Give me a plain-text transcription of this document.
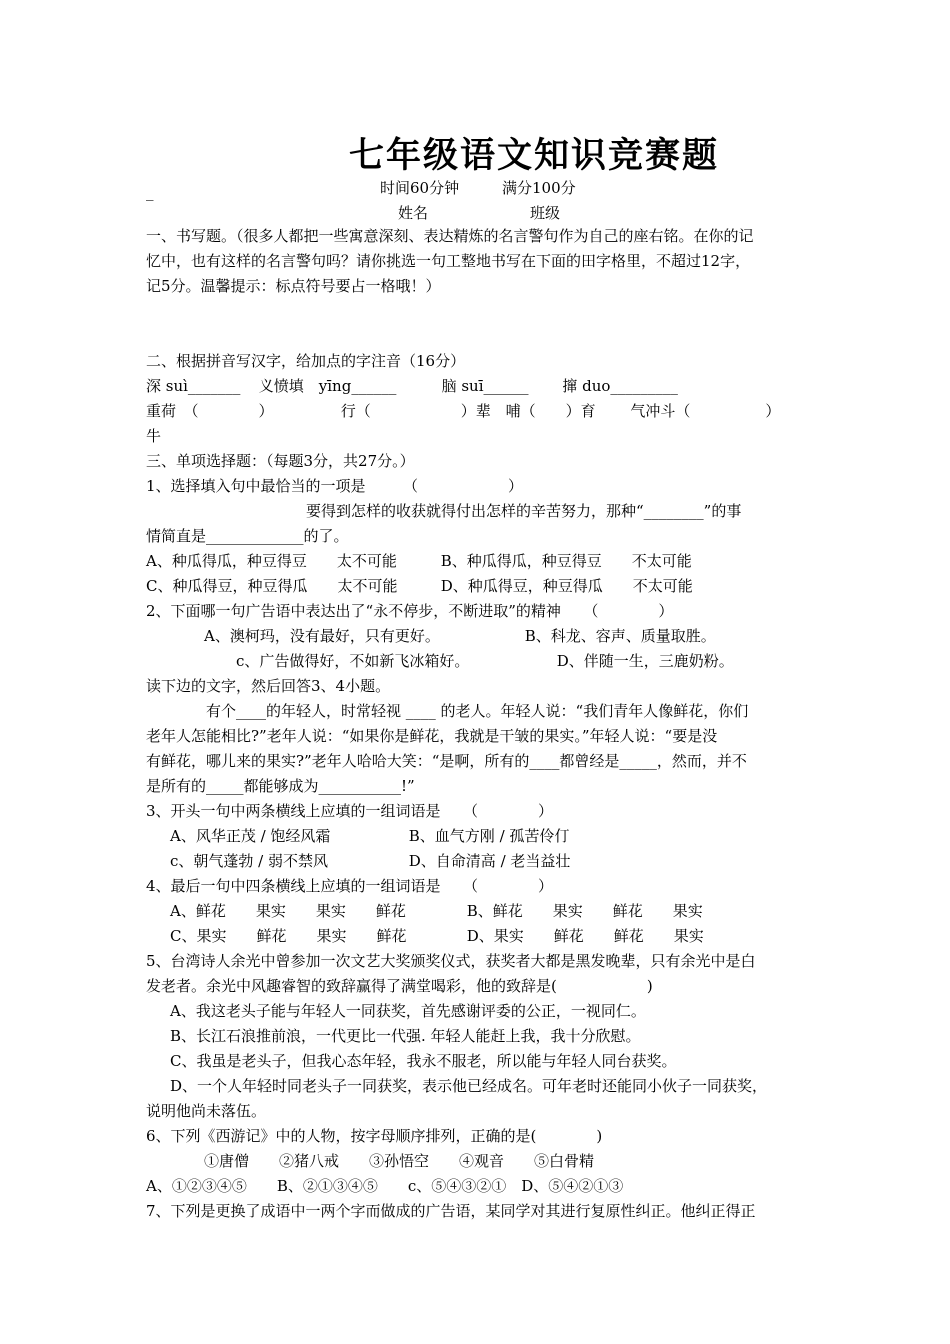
七年级语文知识竞赛题
_	时间60分钟	满分100分
姓名	班级

一、书写题。（很多人都把一些寓意深刻、表达精炼的名言警句作为自己的座右铭。在你的记

忆中，也有这样的名言警句吗？请你挑选一句工整地书写在下面的田字格里，不超过12字，

记5分。温馨提示：标点符号要占一格哦！）

二、根据拼音写汉字，给加点的字注音（16分）

深 suì_______ 义愤填　yīng______	脑 suī______ 撺 duo_________

重荷　（　　　　）	行（　　　　　　）辈 哺（　　）育 气冲斗（　　　　　）

牛

三、单项选择题：（每题3分，共27分。）

1、选择填入句中最恰当的一项是　　　（　　　　　　）

要得到怎样的收获就得付出怎样的辛苦努力，那种“________”的事

情简直是_____________的了。

A、种瓜得瓜，种豆得豆　　太不可能	B、种瓜得瓜，种豆得豆　　不太可能

C、种瓜得豆，种豆得瓜　　太不可能	D、种瓜得豆，种豆得瓜　　不太可能

2、下面哪一句广告语中表达出了“永不停步，不断进取”的精神　　（　　　　）

A、澳柯玛，没有最好，只有更好。	B、科龙、容声、质量取胜。

c、广告做得好，不如新飞冰箱好。	D、伴随一生，三鹿奶粉。

读下边的文字，然后回答3、4小题。

有个____的年轻人，时常轻视 ____ 的老人。年轻人说：“我们青年人像鲜花，你们

老年人怎能相比?”老年人说：“如果你是鲜花，我就是干皱的果实。”年轻人说：“要是没

有鲜花，哪儿来的果实?”老年人哈哈大笑：“是啊，所有的____都曾经是_____，然而，并不

是所有的_____都能够成为___________!”

3、开头一句中两条横线上应填的一组词语是　　（　　　　）

A、风华正茂 / 饱经风霜	B、血气方刚 / 孤苦伶仃

c、朝气蓬勃 / 弱不禁风	D、自命清高 / 老当益壮

4、最后一句中四条横线上应填的一组词语是　　（　　　　）

A、鲜花　　果实　　果实　　鲜花	B、鲜花　　果实　　鲜花　　果实

C、果实　　鲜花　　果实　　鲜花	D、果实　　鲜花　　鲜花　　果实

5、台湾诗人余光中曾参加一次文艺大奖颁奖仪式，获奖者大都是黑发晚辈，只有余光中是白

发老者。余光中风趣睿智的致辞赢得了满堂喝彩，他的致辞是(　　　　　　)

A、我这老头子能与年轻人一同获奖，首先感谢评委的公正，一视同仁。

B、长江石浪推前浪，一代更比一代强. 年轻人能赶上我，我十分欣慰。

C、我虽是老头子，但我心态年轻，我永不服老，所以能与年轻人同台获奖。

D、一个人年轻时同老头子一同获奖，表示他已经成名。可年老时还能同小伙子一同获奖，

说明他尚未落伍。

6、下列《西游记》中的人物，按字母顺序排列，正确的是(　　　　)

①唐僧　　②猪八戒　　③孙悟空　　④观音　　⑤白骨精

A、①②③④⑤　　B、②①③④⑤　　c、⑤④③②①　D、⑤④②①③

7、下列是更换了成语中一两个字而做成的广告语，某同学对其进行复原性纠正。他纠正得正
